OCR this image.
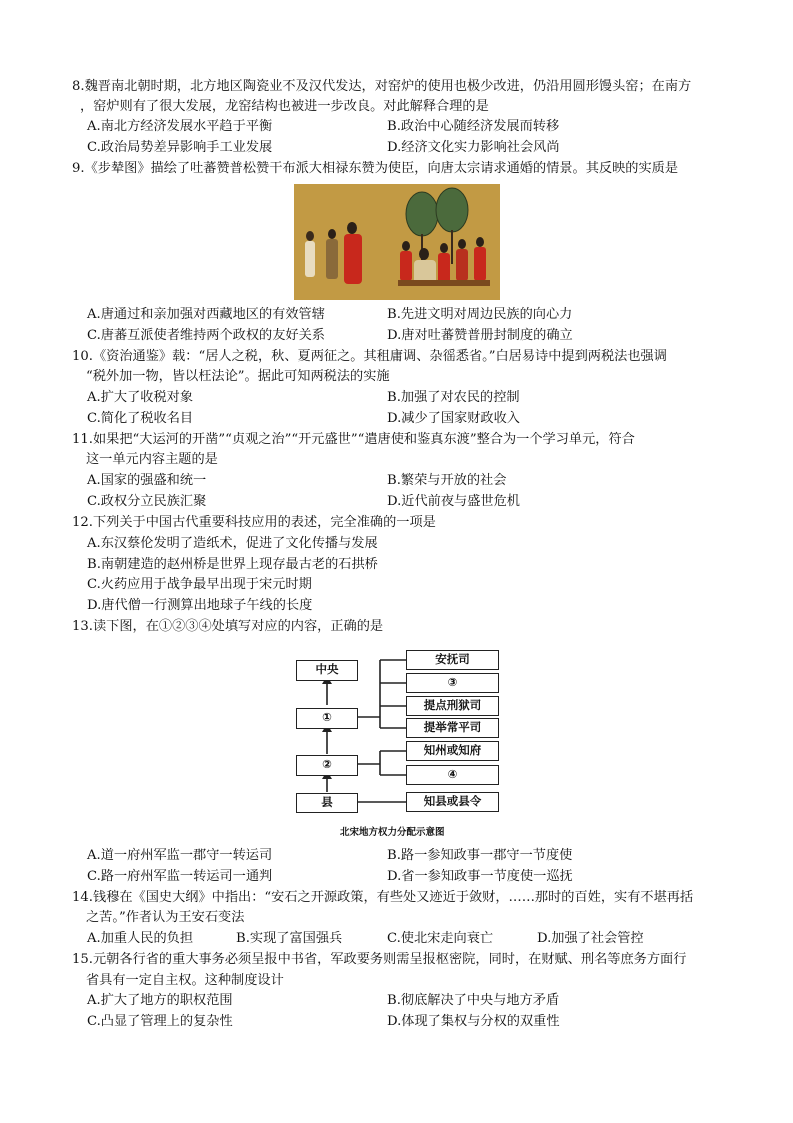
8.魏晋南北朝时期，北方地区陶瓷业不及汉代发达，对窑炉的使用也极少改进，仍沿用圆形馒头窑；在南方
，窑炉则有了很大发展，龙窑结构也被进一步改良。对此解释合理的是
A.南北方经济发展水平趋于平衡	B.政治中心随经济发展而转移
C.政治局势差异影响手工业发展	D.经济文化实力影响社会风尚
9.《步辇图》描绘了吐蕃赞普松赞干布派大相禄东赞为使臣，向唐太宗请求通婚的情景。其反映的实质是
A.唐通过和亲加强对西藏地区的有效管辖	B.先进文明对周边民族的向心力
C.唐蕃互派使者维持两个政权的友好关系	D.唐对吐蕃赞普册封制度的确立
10.《资治通鉴》载：“居人之税，秋、夏两征之。其租庸调、杂徭悉省。”白居易诗中提到两税法也强调
“税外加一物，皆以枉法论”。据此可知两税法的实施
A.扩大了收税对象	B.加强了对农民的控制
C.简化了税收名目	D.减少了国家财政收入
11.如果把“大运河的开凿”“贞观之治”“开元盛世”“遣唐使和鉴真东渡”整合为一个学习单元，符合
这一单元内容主题的是
A.国家的强盛和统一	B.繁荣与开放的社会
C.政权分立民族汇聚	D.近代前夜与盛世危机
12.下列关于中国古代重要科技应用的表述，完全准确的一项是
A.东汉蔡伦发明了造纸术，促进了文化传播与发展
B.南朝建造的赵州桥是世界上现存最古老的石拱桥
C.火药应用于战争最早出现于宋元时期
D.唐代僧一行测算出地球子午线的长度
13.读下图，在①②③④处填写对应的内容，正确的是
中央
①
②
县
安抚司
③
提点刑狱司
提举常平司
知州或知府
④
知县或县令
北宋地方权力分配示意图
A.道一府州军监一郡守一转运司	B.路一参知政事一郡守一节度使
C.路一府州军监一转运司一通判	D.省一参知政事一节度使一巡抚
14.钱穆在《国史大纲》中指出：“安石之开源政策，有些处又迹近于敛财，……那时的百姓，实有不堪再括
之苦。”作者认为王安石变法
A.加重人民的负担	B.实现了富国强兵	C.使北宋走向衰亡	D.加强了社会管控
15.元朝各行省的重大事务必须呈报中书省，军政要务则需呈报枢密院，同时，在财赋、刑名等庶务方面行
省具有一定自主权。这种制度设计
A.扩大了地方的职权范围	B.彻底解决了中央与地方矛盾
C.凸显了管理上的复杂性	D.体现了集权与分权的双重性
